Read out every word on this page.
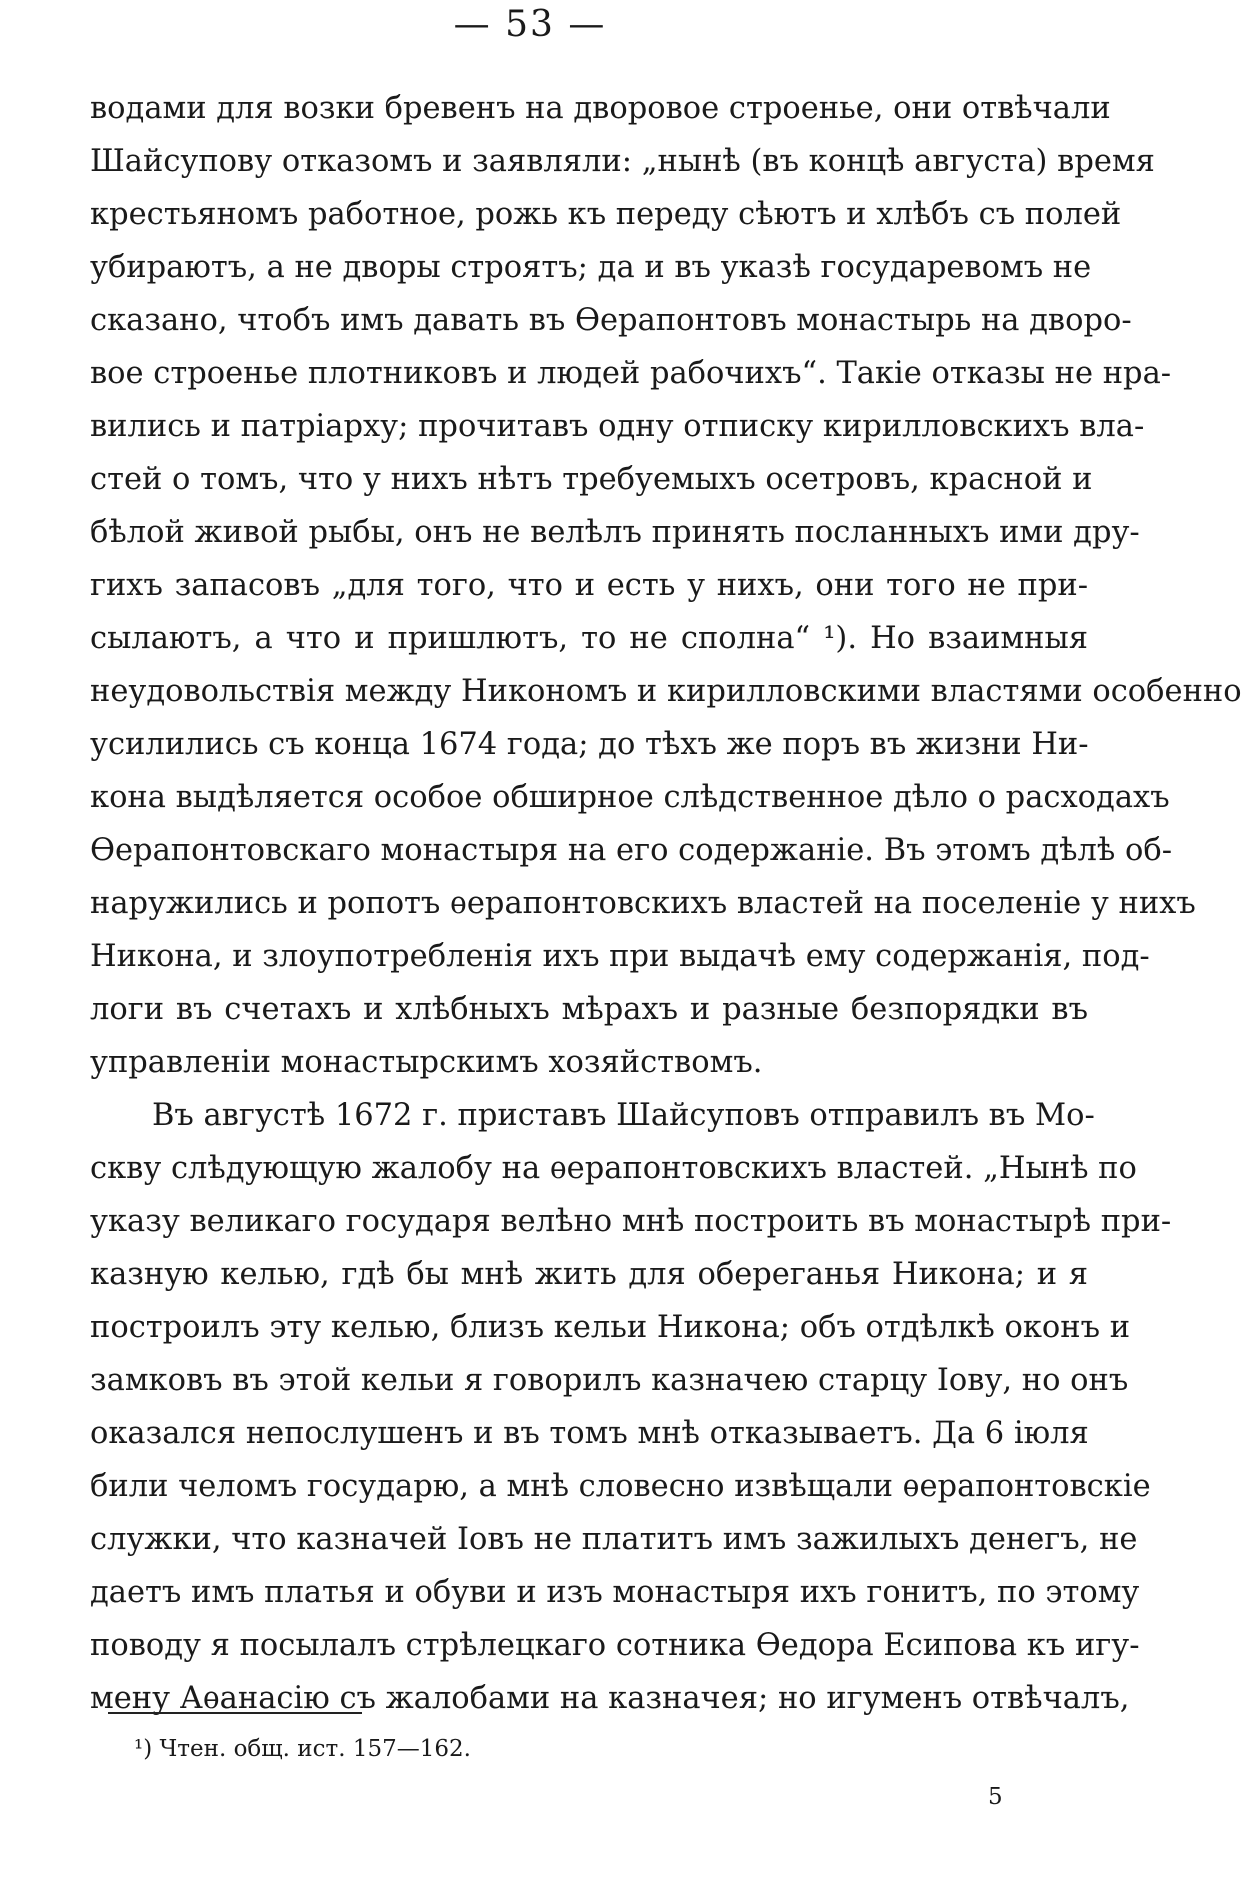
— 53 —
водами для возки бревенъ на дворовое строенье, они отвѣчали
Шайсупову отказомъ и заявляли: „нынѣ (въ концѣ августа) время
крестьяномъ работное, рожь къ переду сѣютъ и хлѣбъ съ полей
убираютъ, а не дворы строятъ; да и въ указѣ государевомъ не
сказано, чтобъ имъ давать въ Ѳерапонтовъ монастырь на дворо-
вое строенье плотниковъ и людей рабочихъ“. Такіе отказы не нра-
вились и патріарху; прочитавъ одну отписку кирилловскихъ вла-
стей о томъ, что у нихъ нѣтъ требуемыхъ осетровъ, красной и
бѣлой живой рыбы, онъ не велѣлъ принять посланныхъ ими дру-
гихъ запасовъ „для того, что и есть у нихъ, они того не при-
сылаютъ, а что и пришлютъ, то не сполна“ ¹). Но взаимныя
неудовольствія между Никономъ и кирилловскими властями особенно
усилились съ конца 1674 года; до тѣхъ же поръ въ жизни Ни-
кона выдѣляется особое обширное слѣдственное дѣло о расходахъ
Ѳерапонтовскаго монастыря на его содержаніе. Въ этомъ дѣлѣ об-
наружились и ропотъ ѳерапонтовскихъ властей на поселеніе у нихъ
Никона, и злоупотребленія ихъ при выдачѣ ему содержанія, под-
логи въ счетахъ и хлѣбныхъ мѣрахъ и разные безпорядки въ
управленіи монастырскимъ хозяйствомъ.
Въ августѣ 1672 г. приставъ Шайсуповъ отправилъ въ Мо-
скву слѣдующую жалобу на ѳерапонтовскихъ властей. „Нынѣ по
указу великаго государя велѣно мнѣ построить въ монастырѣ при-
казную келью, гдѣ бы мнѣ жить для обереганья Никона; и я
построилъ эту келью, близъ кельи Никона; объ отдѣлкѣ оконъ и
замковъ въ этой кельи я говорилъ казначею старцу Іову, но онъ
оказался непослушенъ и въ томъ мнѣ отказываетъ. Да 6 іюля
били челомъ государю, а мнѣ словесно извѣщали ѳерапонтовскіе
служки, что казначей Іовъ не платитъ имъ зажилыхъ денегъ, не
даетъ имъ платья и обуви и изъ монастыря ихъ гонитъ, по этому
поводу я посылалъ стрѣлецкаго сотника Ѳедора Есипова къ игу-
мену Аѳанасію съ жалобами на казначея; но игуменъ отвѣчалъ,
¹) Чтен. общ. ист. 157—162.
5
